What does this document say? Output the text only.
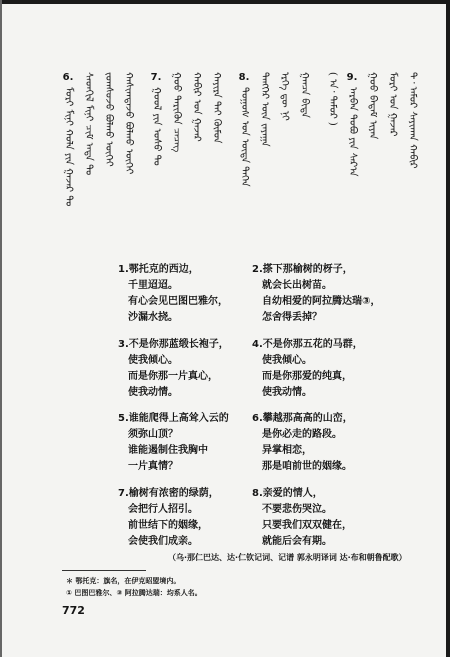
6.
ᠮᠣᠷᠢ ᠮᠢᠨᠢ ᠬᠣᠯᠠ ᠶᠢᠨ ᠭᠠᠵᠠᠷ ᠲᠤ ᠰᠡᠳᠬᠢᠯ ᠮᠢᠨᠢ ᠴᠢᠮ ᠠᠳᠠ ᠲᠤ ᠵᠣᠭᠰᠣᠵᠤ ᠪᠣᠯᠬᠤ ᠦᠭᠡᠢ ᠬᠠᠰᠢᠭᠳᠠᠵᠤ ᠪᠣᠯᠬᠤ ᠦᠭᠡᠢ 7.
ᠭᠣᠣᠯ ᠶᠢᠨ ᠤᠰᠤ ᠲᠤ ᠭᠣᠣ ᠲᠡᠷᠢᠭᠦᠨ ᠴᠡᠴᠡᠭ ᠬᠠᠪᠢᠷ ᠤᠨ ᠭᠠᠵᠠᠷ ᠬᠠᠶᠢᠷᠠ ᠲᠠᠢ ᠬᠦᠮᠦᠨ 8.
ᠲᠣᠭᠣᠰ ᠤᠨ ᠦᠳᠡ ᠲᠡᠭᠡᠨ ᠲᠡᠩᠭᠡᠷ ᠦᠨ ᠵᠠᠶᠠᠭᠠ ᠡᠷᠬᠡ ᠳᠦ ᠨᠢ ᠭᠠᠨᠴᠠ ᠪᠢᠳᠡ ( ᠠ᠂ ᠲᠡᠮᠦᠷ ) 9.
ᠠᠷᠪᠠᠨ ᠲᠣᠪᠣ ᠶᠢᠨ ᠰᠠᠷ᠎ᠠ ᠭᠣᠣ ᠪᠠᠳᠠᠮ ᠢᠶᠠᠨ ᠮᠣᠷᠢ ᠤᠨ ᠭᠠᠵᠠᠷ ᠲ᠂ ᠠᠮᠤᠷ ᠰᠠᠶᠢᠬᠠᠨ ᠬᠠᠪᠢᠷ
1.鄂托克的西边，
千里迢迢。
有心会见巴图巴雅尔，
沙漏水挠。
2.搽下那榆树的枒子，
就会长出树苗。
自幼相爱的阿拉腾达瑞③，
怎舍得丢掉？
3.不是你那蓝缎长袍子，
使我倾心。
而是你那一片真心，
使我动情。
4.不是你那五花的马群，
使我倾心。
而是你那爱的纯真，
使我动情。
5.谁能爬得上高耸入云的
须弥山顶？
谁能遏制住我胸中
一片真情？
6.攀越那高高的山峦，
是你必走的路段。
异掌相恋，
那是咱前世的姻缘。
7.榆树有浓密的绿荫，
会把行人招引。
前世结下的姻缘，
会使我们成亲。
8.亲爱的情人，
不要悲伤哭泣。
只要我们双双健在，
就能后会有期。
（乌·那仁巴达、达·仁钦记词、记谱 郭永明译词 达·布和朝鲁配歌）
＊ 鄂托克：旗名，在伊克昭盟境内。
① 巴图巴雅尔、③ 阿拉腾达瑞：均系人名。
772
